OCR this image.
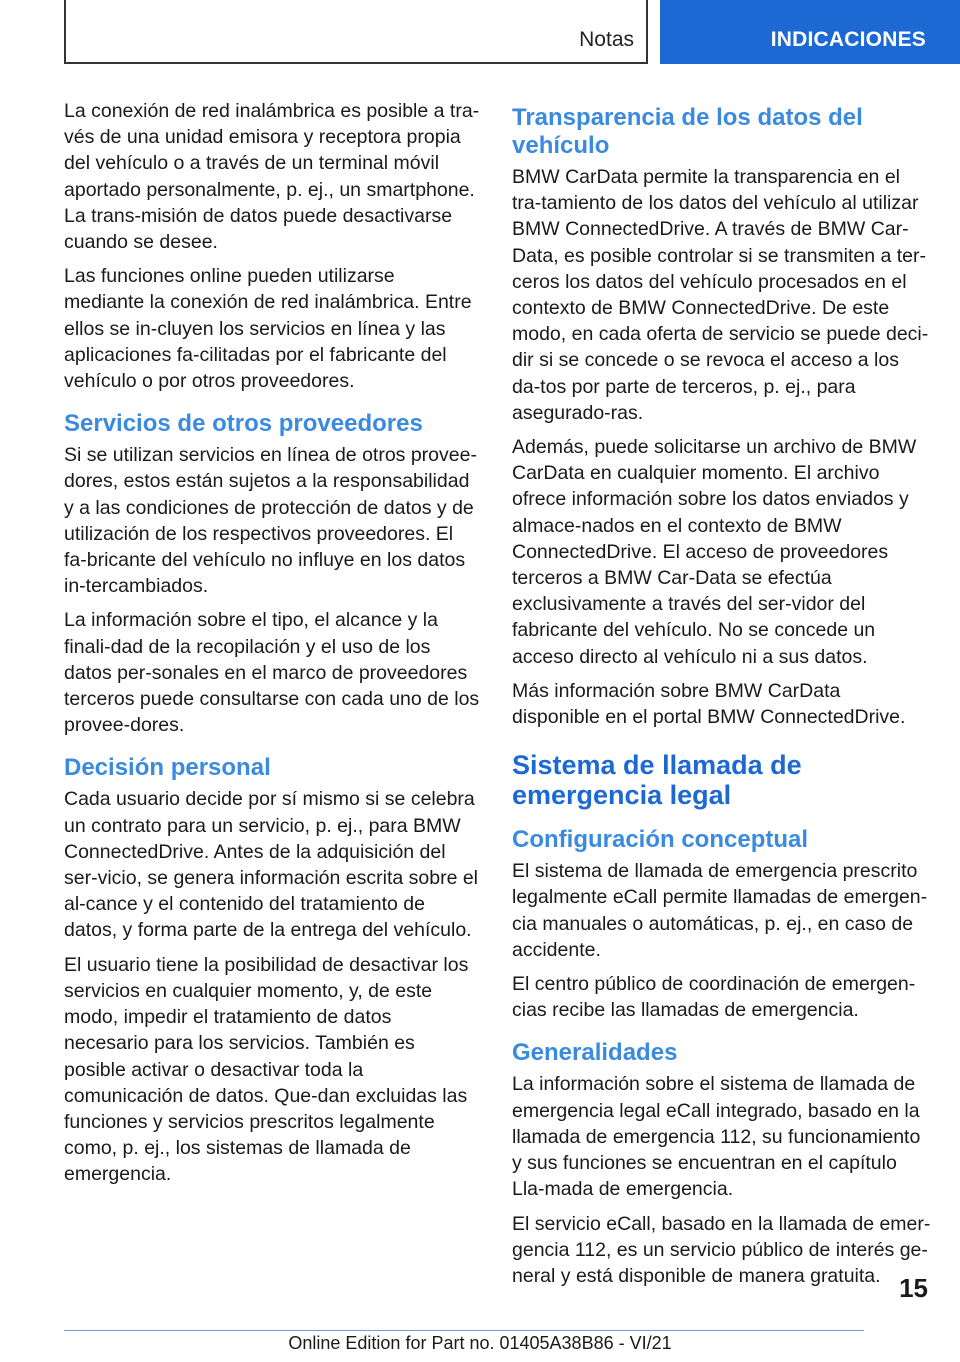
Notas	INDICACIONES

La conexión de red inalámbrica es posible a tra-vés de una unidad emisora y receptora propia del vehículo o a través de un terminal móvil aportado personalmente, p. ej., un smartphone. La trans-misión de datos puede desactivarse cuando se desee.

Las funciones online pueden utilizarse mediante la conexión de red inalámbrica. Entre ellos se in-cluyen los servicios en línea y las aplicaciones fa-cilitadas por el fabricante del vehículo o por otros proveedores.

Servicios de otros proveedores

Si se utilizan servicios en línea de otros provee-dores, estos están sujetos a la responsabilidad y a las condiciones de protección de datos y de utilización de los respectivos proveedores. El fa-bricante del vehículo no influye en los datos in-tercambiados.

La información sobre el tipo, el alcance y la finali-dad de la recopilación y el uso de los datos per-sonales en el marco de proveedores terceros puede consultarse con cada uno de los provee-dores.

Decisión personal

Cada usuario decide por sí mismo si se celebra un contrato para un servicio, p. ej., para BMW ConnectedDrive. Antes de la adquisición del ser-vicio, se genera información escrita sobre el al-cance y el contenido del tratamiento de datos, y forma parte de la entrega del vehículo.

El usuario tiene la posibilidad de desactivar los servicios en cualquier momento, y, de este modo, impedir el tratamiento de datos necesario para los servicios. También es posible activar o desactivar toda la comunicación de datos. Que-dan excluidas las funciones y servicios prescritos legalmente como, p. ej., los sistemas de llamada de emergencia.

Transparencia de los datos del vehículo

BMW CarData permite la transparencia en el tra-tamiento de los datos del vehículo al utilizar BMW ConnectedDrive. A través de BMW Car-Data, es posible controlar si se transmiten a ter-ceros los datos del vehículo procesados en el contexto de BMW ConnectedDrive. De este modo, en cada oferta de servicio se puede deci-dir si se concede o se revoca el acceso a los da-tos por parte de terceros, p. ej., para asegurado-ras.

Además, puede solicitarse un archivo de BMW CarData en cualquier momento. El archivo ofrece información sobre los datos enviados y almace-nados en el contexto de BMW ConnectedDrive. El acceso de proveedores terceros a BMW Car-Data se efectúa exclusivamente a través del ser-vidor del fabricante del vehículo. No se concede un acceso directo al vehículo ni a sus datos.

Más información sobre BMW CarData disponible en el portal BMW ConnectedDrive.

Sistema de llamada de emergencia legal
Configuración conceptual

El sistema de llamada de emergencia prescrito legalmente eCall permite llamadas de emergen-cia manuales o automáticas, p. ej., en caso de accidente.

El centro público de coordinación de emergen-cias recibe las llamadas de emergencia.

Generalidades

La información sobre el sistema de llamada de emergencia legal eCall integrado, basado en la llamada de emergencia 112, su funcionamiento y sus funciones se encuentran en el capítulo Lla-mada de emergencia.

El servicio eCall, basado en la llamada de emer-gencia 112, es un servicio público de interés ge-neral y está disponible de manera gratuita. 15
Online Edition for Part no. 01405A38B86 - VI/21
